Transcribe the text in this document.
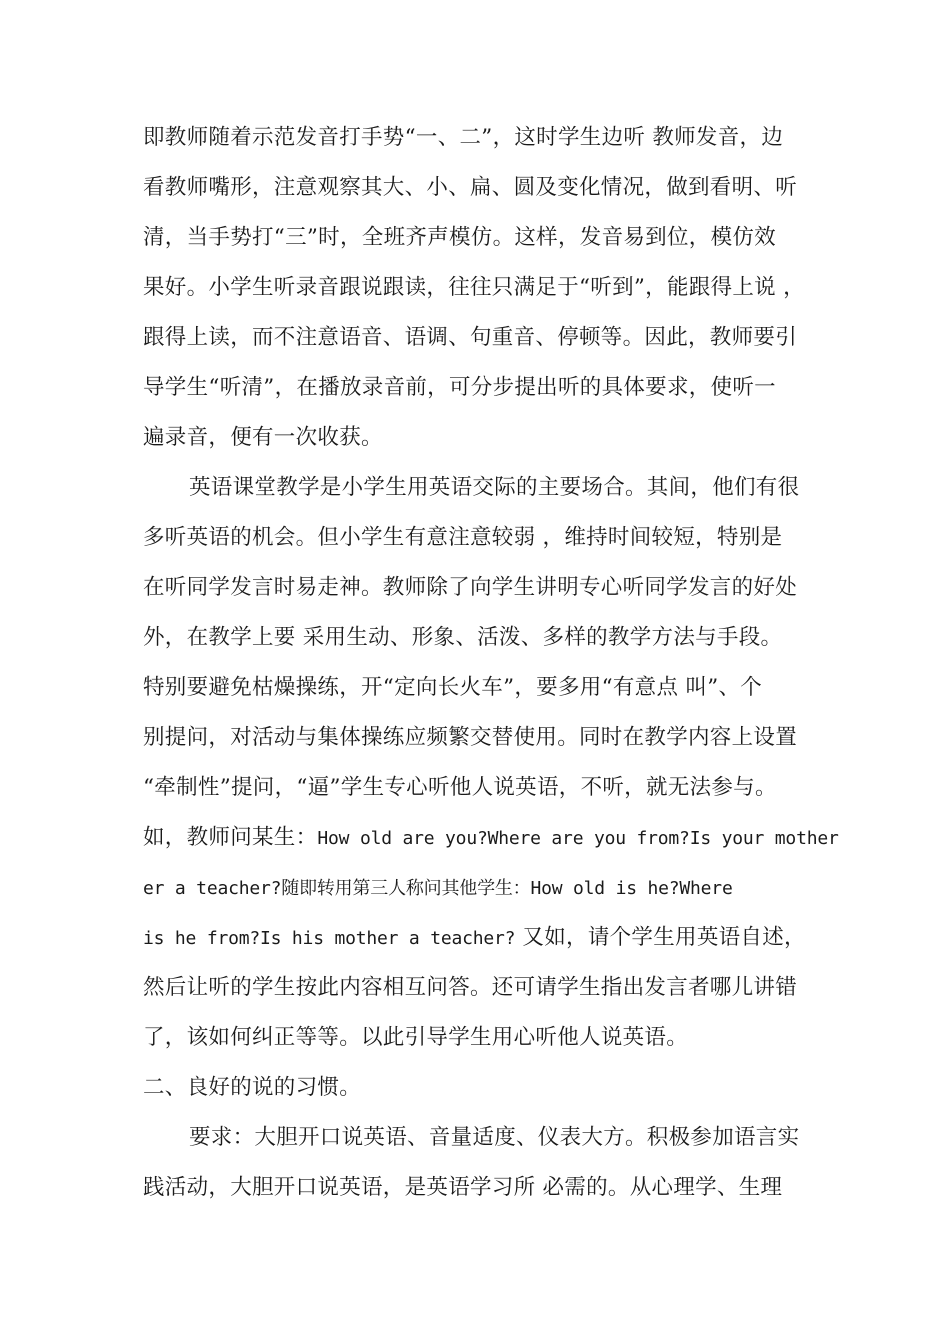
即教师随着示范发音打手势“一、二”，这时学生边听 教师发音，边
看教师嘴形，注意观察其大、小、扁、圆及变化情况，做到看明、听
清，当手势打“三”时，全班齐声模仿。这样，发音易到位，模仿效
果好。小学生听录音跟说跟读，往往只满足于“听到”，能跟得上说 ，
跟得上读，而不注意语音、语调、句重音、停顿等。因此，教师要引
导学生“听清”，在播放录音前，可分步提出听的具体要求，使听一
遍录音，便有一次收获。
英语课堂教学是小学生用英语交际的主要场合。其间，他们有很
多听英语的机会。但小学生有意注意较弱 ，维持时间较短，特别是
在听同学发言时易走神。教师除了向学生讲明专心听同学发言的好处
外，在教学上要 采用生动、形象、活泼、多样的教学方法与手段。
特别要避免枯燥操练，开“定向长火车”，要多用“有意点 叫”、个
别提问，对活动与集体操练应频繁交替使用。同时在教学内容上设置
“牵制性”提问，“逼”学生专心听他人说英语，不听，就无法参与。
如，教师问某生：How old are you?Where are you from?Is your mother
er a teacher?随即转用第三人称问其他学生：How old is he?Where
is he from?Is his mother a teacher? 又如，请个学生用英语自述，
然后让听的学生按此内容相互问答。还可请学生指出发言者哪儿讲错
了，该如何纠正等等。以此引导学生用心听他人说英语。
二、良好的说的习惯。
要求：大胆开口说英语、音量适度、仪表大方。积极参加语言实
践活动，大胆开口说英语，是英语学习所 必需的。从心理学、生理
